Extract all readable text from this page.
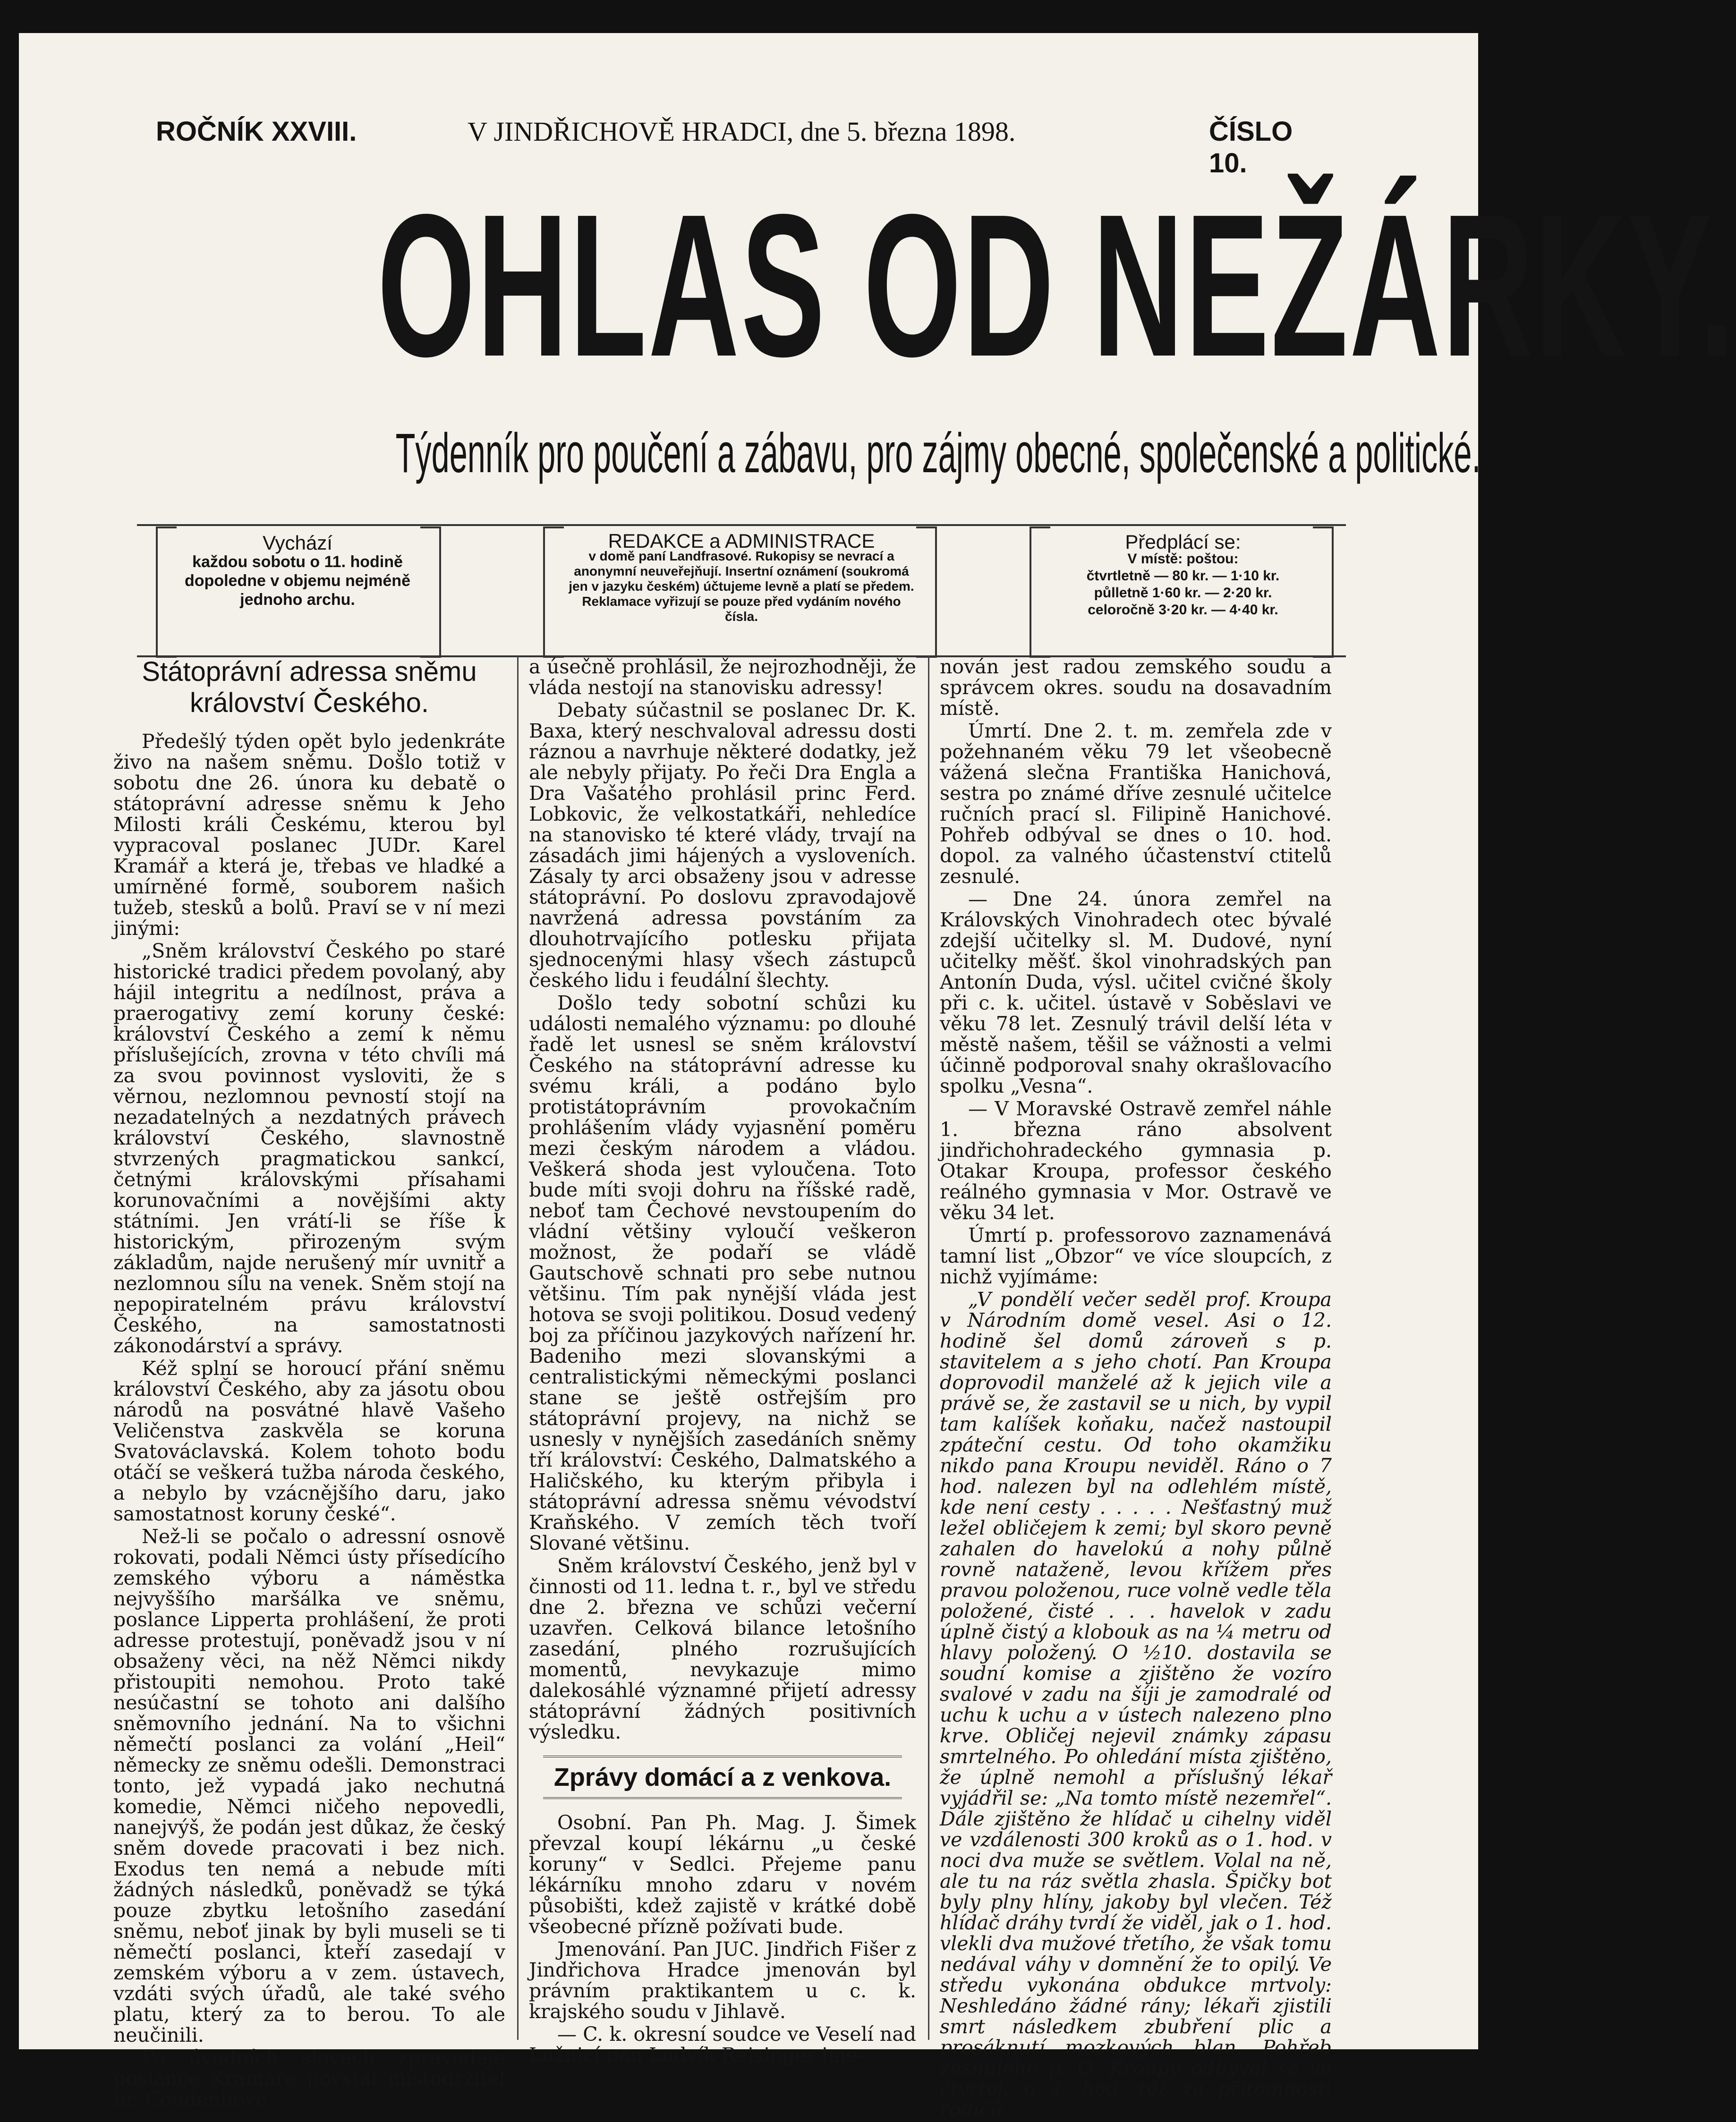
ROČNÍK XXVIII.	V JINDŘICHOVĚ HRADCI, dne 5. března 1898.	ČÍSLO 10.
OHLAS OD NEŽÁRKY.
Týdenník pro poučení a zábavu, pro zájmy obecné, společenské a politické.
Vychází
každou sobotu o 11. hodině dopoledne v objemu nejméně jednoho archu.
REDAKCE a ADMINISTRACE
v domě paní Landfrasové. Rukopisy se nevrací a anonymní neuveřejňují. Insertní oznámení (soukromá jen v jazyku českém) účtujeme levně a platí se předem. Reklamace vyřizují se pouze před vydáním nového čísla.
Předplácí se:
V místě: poštou:
čtvrtletně — 80 kr. — 1·10 kr.
půlletně 1·60 kr. — 2·20 kr.
celoročně 3·20 kr. — 4·40 kr.
Státoprávní adressa sněmu království Českého.

Předešlý týden opět bylo jedenkráte živo na našem sněmu. Došlo totiž v sobotu dne 26. února ku debatě o státoprávní adresse sněmu k Jeho Milosti králi Českému, kterou byl vypracoval poslanec JUDr. Karel Kramář a která je, třebas ve hladké a umírněné formě, souborem našich tužeb, stesků a bolů. Praví se v ní mezi jinými:

„Sněm království Českého po staré historické tradici předem povolaný, aby hájil integritu a nedílnost, práva a praerogativy zemí koruny české: království Českého a zemí k němu příslušejících, zrovna v této chvíli má za svou povinnost vysloviti, že s věrnou, nezlomnou pevností stojí na nezadatelných a nezdatných právech království Českého, slavnostně stvrzených pragmatickou sankcí, četnými královskými přísahami korunovačními a novějšími akty státními. Jen vrátí-li se říše k historickým, přirozeným svým základům, najde nerušený mír uvnitř a nezlomnou sílu na venek. Sněm stojí na nepopiratelném právu království Českého, na samostatnosti zákonodárství a správy.

Kéž splní se horoucí přání sněmu království Českého, aby za jásotu obou národů na posvátné hlavě Vašeho Veličenstva zaskvěla se koruna Svatováclavská. Kolem tohoto bodu otáčí se veškerá tužba národa českého, a nebylo by vzácnějšího daru, jako samostatnost koruny české“.

Než-li se počalo o adressní osnově rokovati, podali Němci ústy přísedícího zemského výboru a náměstka nejvyššího maršálka ve sněmu, poslance Lipperta prohlášení, že proti adresse protestují, poněvadž jsou v ní obsaženy věci, na něž Němci nikdy přistoupiti nemohou. Proto také nesúčastní se tohoto ani dalšího sněmovního jednání. Na to všichni němečtí poslanci za volání „Heil“ německy ze sněmu odešli. Demonstraci tonto, jež vypadá jako nechutná komedie, Němci ničeho nepovedli, nanejvýš, že podán jest důkaz, že český sněm dovede pracovati i bez nich. Exodus ten nemá a nebude míti žádných následků, poněvadž se týká pouze zbytku letošního zasedání sněmu, neboť jinak by byli museli se ti němečtí poslanci, kteří zasedají v zemském výboru a v zem. ústavech, vzdáti svých úřadů, ale také svého platu, který za to berou. To ale neučinili.

Po úvodních slovech zpravodaje poslance Kramáře povstal místodržitel hr. Coudenhove

a úsečně prohlásil, že nejrozhodněji, že vláda nestojí na stanovisku adressy!

Debaty súčastnil se poslanec Dr. K. Baxa, který neschvaloval adressu dosti ráznou a navrhuje některé dodatky, jež ale nebyly přijaty. Po řeči Dra Engla a Dra Vašatého prohlásil princ Ferd. Lobkovic, že velkostatkáři, nehledíce na stanovisko té které vlády, trvají na zásadách jimi hájených a vysloveních. Zásaly ty arci obsaženy jsou v adresse státoprávní. Po doslovu zpravodajově navržená adressa povstáním za dlouhotrvajícího potlesku přijata sjednocenými hlasy všech zástupců českého lidu i feudální šlechty.

Došlo tedy sobotní schůzi ku události nemalého významu: po dlouhé řadě let usnesl se sněm království Českého na státoprávní adresse ku svému králi, a podáno bylo protistátoprávním provokačním prohlášením vlády vyjasnění poměru mezi českým národem a vládou. Veškerá shoda jest vyloučena. Toto bude míti svoji dohru na říšské radě, neboť tam Čechové nevstoupením do vládní většiny vyloučí veškeron možnost, že podaří se vládě Gautschově schnati pro sebe nutnou většinu. Tím pak nynější vláda jest hotova se svoji politikou. Dosud vedený boj za příčinou jazykových nařízení hr. Badeniho mezi slovanskými a centralistickými německými poslanci stane se ještě ostřejším pro státoprávní projevy, na nichž se usnesly v nynějších zasedáních sněmy tří království: Českého, Dalmatského a Haličského, ku kterým přibyla i státoprávní adressa sněmu vévodství Kraňského. V zemích těch tvoří Slované většinu.

Sněm království Českého, jenž byl v činnosti od 11. ledna t. r., byl ve středu dne 2. března ve schůzi večerní uzavřen. Celková bilance letošního zasedání, plného rozrušujících momentů, nevykazuje mimo dalekosáhlé významné přijetí adressy státoprávní žádných positivních výsledku.

Zprávy domácí a z venkova.

Osobní. Pan Ph. Mag. J. Šimek převzal koupí lékárnu „u české koruny“ v Sedlci. Přejeme panu lékárníku mnoho zdaru v novém působišti, kdež zajistě v krátké době všeobecné přízně požívati bude.

Jmenování. Pan JUC. Jindřich Fišer z Jindřichova Hradce jmenován byl právním praktikantem u c. k. krajského soudu v Jihlavě.

— C. k. okresní soudce ve Veselí nad Lužnicí pan Ludvík Reisinger jme-

nován jest radou zemského soudu a správcem okres. soudu na dosavadním místě.

Úmrtí. Dne 2. t. m. zemřela zde v požehnaném věku 79 let všeobecně vážená slečna Františka Hanichová, sestra po známé dříve zesnulé učitelce ručních prací sl. Filipině Hanichové. Pohřeb odbýval se dnes o 10. hod. dopol. za valného účastenství ctitelů zesnulé.

— Dne 24. února zemřel na Královských Vinohradech otec bývalé zdejší učitelky sl. M. Dudové, nyní učitelky měšť. škol vinohradských pan Antonín Duda, výsl. učitel cvičné školy při c. k. učitel. ústavě v Soběslavi ve věku 78 let. Zesnulý trávil delší léta v městě našem, těšil se vážnosti a velmi účinně podporoval snahy okrašlovacího spolku „Vesna“.

— V Moravské Ostravě zemřel náhle 1. března ráno absolvent jindřichohradeckého gymnasia p. Otakar Kroupa, professor českého reálného gymnasia v Mor. Ostravě ve věku 34 let.

Úmrtí p. professorovo zaznamenává tamní list „Obzor“ ve více sloupcích, z nichž vyjímáme:

„V pondělí večer seděl prof. Kroupa v Národním domě vesel. Asi o 12. hodině šel domů zároveň s p. stavitelem a s jeho chotí. Pan Kroupa doprovodil manželé až k jejich vile a právě se, že zastavil se u nich, by vypil tam kalíšek koňaku, načež nastoupil zpáteční cestu. Od toho okamžiku nikdo pana Kroupu neviděl. Ráno o 7 hod. nalezen byl na odlehlém místě, kde není cesty . . . . . Nešťastný muž ležel obličejem k zemi; byl skoro pevně zahalen do havelokú a nohy půlně rovně nataženě, levou křížem přes pravou položenou, ruce volně vedle těla položené, čisté . . . havelok v zadu úplně čistý a klobouk as na ¼ metru od hlavy položený. O ½10. dostavila se soudní komise a zjištěno že vozíro svalové v zadu na šíji je zamodralé od uchu k uchu a v ústech nalezeno plno krve. Obličej nejevil známky zápasu smrtelného. Po ohledání místa zjištěno, že úplně nemohl a příslušný lékař vyjádřil se: „Na tomto místě nezemřel“. Dále zjištěno že hlídač u cihelny viděl ve vzdálenosti 300 kroků as o 1. hod. v noci dva muže se světlem. Volal na ně, ale tu na ráz světla zhasla. Špičky bot byly plny hlíny, jakoby byl vlečen. Též hlídač dráhy tvrdí že viděl, jak o 1. hod. vlekli dva mužové třetího, že však tomu nedával váhy v domnění že to opilý. Ve středu vykonána obdukce mrtvoly: Neshledáno žádné rány; lékaři zjistili smrt následkem zbubření plic a prosáknutí mozkových blan. Pohřeb zesnulého p. O. Kroupy odbýval se ve čtvrtek o 4. hod. též za přítomnosti rodičů.
